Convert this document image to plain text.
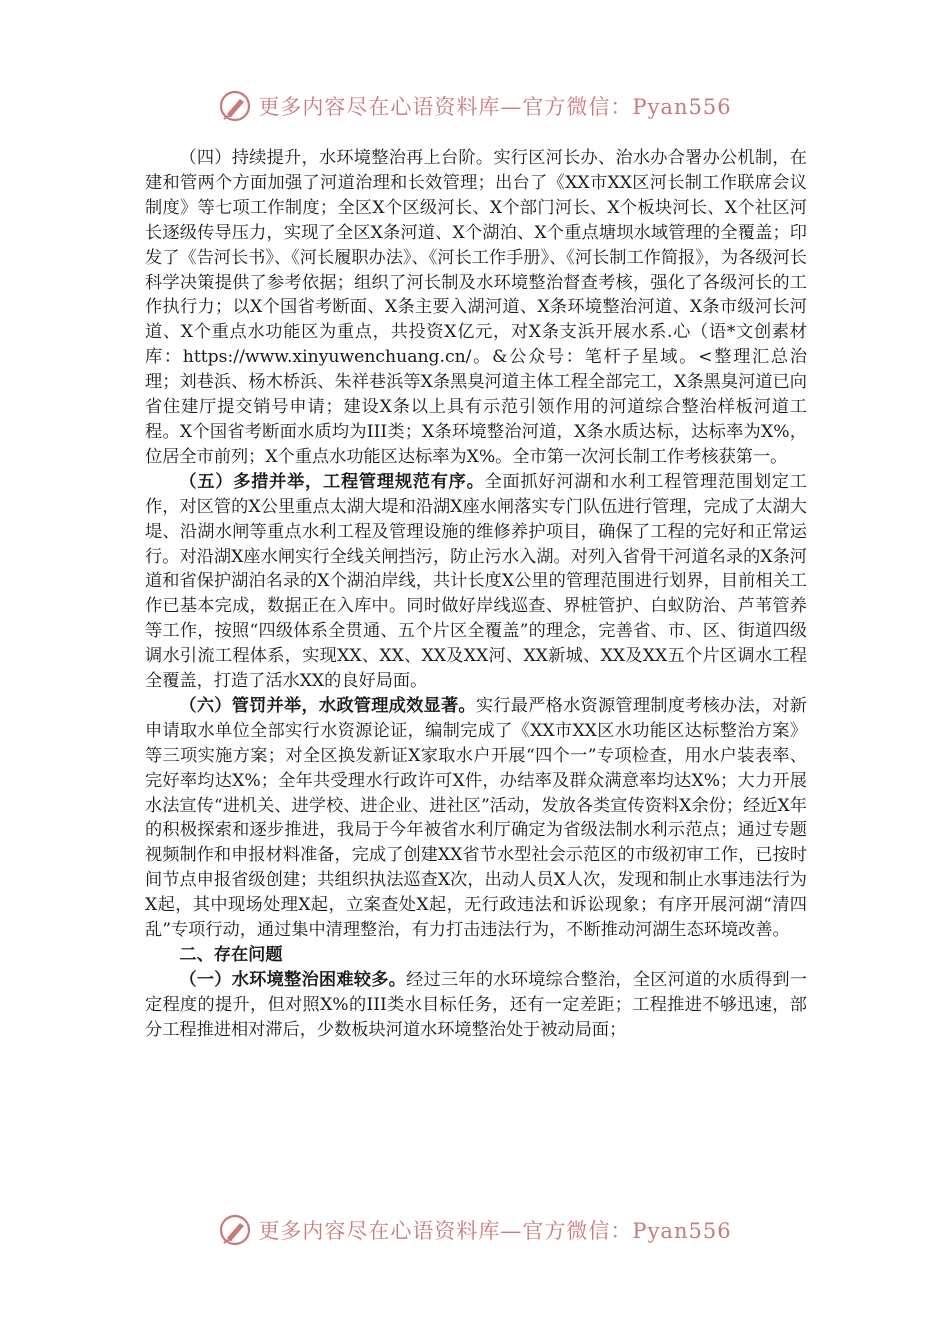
更多内容尽在心语资料库—官方微信：Pyan556

（四）持续提升，水环境整治再上台阶。实行区河长办、治水办合署办公机制，在建和管两个方面加强了河道治理和长效管理；出台了《XX市XX区河长制工作联席会议制度》等七项工作制度；全区X个区级河长、X个部门河长、X个板块河长、X个社区河长逐级传导压力，实现了全区X条河道、X个湖泊、X个重点塘坝水域管理的全覆盖；印发了《告河长书》、《河长履职办法》、《河长工作手册》、《河长制工作简报》，为各级河长科学决策提供了参考依据；组织了河长制及水环境整治督查考核，强化了各级河长的工作执行力；以X个国省考断面、X条主要入湖河道、X条环境整治河道、X条市级河长河道、X个重点水功能区为重点，共投资X亿元，对X条支浜开展水系.心（语*文创素材库：https://www.xinyuwenchuang.cn/。&公众号：笔杆子星域。<整理汇总治理；刘巷浜、杨木桥浜、朱祥巷浜等X条黑臭河道主体工程全部完工，X条黑臭河道已向省住建厅提交销号申请；建设X条以上具有示范引领作用的河道综合整治样板河道工程。X个国省考断面水质均为III类；X条环境整治河道，X条水质达标，达标率为X%，位居全市前列；X个重点水功能区达标率为X%。全市第一次河长制工作考核获第一。

（五）多措并举，工程管理规范有序。全面抓好河湖和水利工程管理范围划定工作，对区管的X公里重点太湖大堤和沿湖X座水闸落实专门队伍进行管理，完成了太湖大堤、沿湖水闸等重点水利工程及管理设施的维修养护项目，确保了工程的完好和正常运行。对沿湖X座水闸实行全线关闸挡污，防止污水入湖。对列入省骨干河道名录的X条河道和省保护湖泊名录的X个湖泊岸线，共计长度X公里的管理范围进行划界，目前相关工作已基本完成，数据正在入库中。同时做好岸线巡查、界桩管护、白蚁防治、芦苇管养等工作，按照“四级体系全贯通、五个片区全覆盖”的理念，完善省、市、区、街道四级调水引流工程体系，实现XX、XX、XX及XX河、XX新城、XX及XX五个片区调水工程全覆盖，打造了活水XX的良好局面。

（六）管罚并举，水政管理成效显著。实行最严格水资源管理制度考核办法，对新申请取水单位全部实行水资源论证，编制完成了《XX市XX区水功能区达标整治方案》等三项实施方案；对全区换发新证X家取水户开展“四个一”专项检查，用水户装表率、完好率均达X%；全年共受理水行政许可X件，办结率及群众满意率均达X%；大力开展水法宣传“进机关、进学校、进企业、进社区”活动，发放各类宣传资料X余份；经近X年的积极探索和逐步推进，我局于今年被省水利厅确定为省级法制水利示范点；通过专题视频制作和申报材料准备，完成了创建XX省节水型社会示范区的市级初审工作，已按时间节点申报省级创建；共组织执法巡查X次，出动人员X人次，发现和制止水事违法行为X起，其中现场处理X起，立案查处X起，无行政违法和诉讼现象；有序开展河湖“清四乱”专项行动，通过集中清理整治，有力打击违法行为，不断推动河湖生态环境改善。

二、存在问题

（一）水环境整治困难较多。经过三年的水环境综合整治，全区河道的水质得到一定程度的提升，但对照X%的III类水目标任务，还有一定差距；工程推进不够迅速，部分工程推进相对滞后，少数板块河道水环境整治处于被动局面；

更多内容尽在心语资料库—官方微信：Pyan556
